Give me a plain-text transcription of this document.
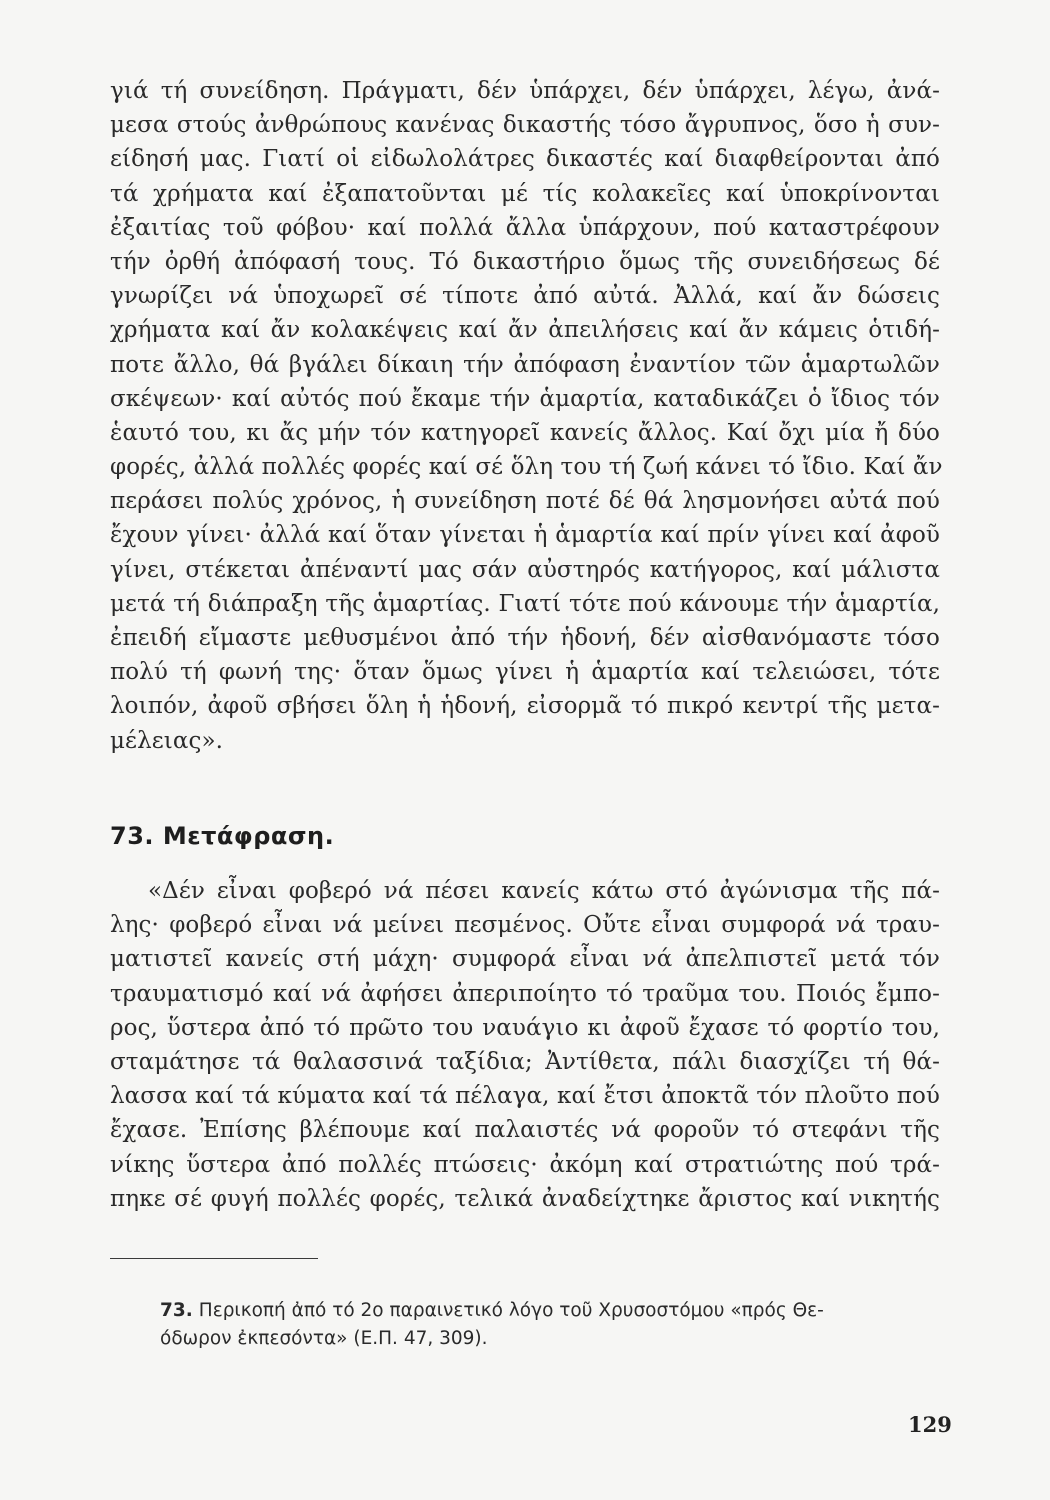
γιά τή συνείδηση. Πράγματι, δέν ὑπάρχει, δέν ὑπάρχει, λέγω, ἀνά-
μεσα στούς ἀνθρώπους κανένας δικαστής τόσο ἄγρυπνος, ὅσο ἡ συν-
είδησή μας. Γιατί οἱ εἰδωλολάτρες δικαστές καί διαφθείρονται ἀπό
τά χρήματα καί ἐξαπατοῦνται μέ τίς κολακεῖες καί ὑποκρίνονται
ἐξαιτίας τοῦ φόβου· καί πολλά ἄλλα ὑπάρχουν, πού καταστρέφουν
τήν ὀρθή ἀπόφασή τους. Τό δικαστήριο ὅμως τῆς συνειδήσεως δέ
γνωρίζει νά ὑποχωρεῖ σέ τίποτε ἀπό αὐτά. Ἀλλά, καί ἄν δώσεις
χρήματα καί ἄν κολακέψεις καί ἄν ἀπειλήσεις καί ἄν κάμεις ὁτιδή-
ποτε ἄλλο, θά βγάλει δίκαιη τήν ἀπόφαση ἐναντίον τῶν ἁμαρτωλῶν
σκέψεων· καί αὐτός πού ἔκαμε τήν ἁμαρτία, καταδικάζει ὁ ἴδιος τόν
ἑαυτό του, κι ἄς μήν τόν κατηγορεῖ κανείς ἄλλος. Καί ὄχι μία ἤ δύο
φορές, ἀλλά πολλές φορές καί σέ ὅλη του τή ζωή κάνει τό ἴδιο. Καί ἄν
περάσει πολύς χρόνος, ἡ συνείδηση ποτέ δέ θά λησμονήσει αὐτά πού
ἔχουν γίνει· ἀλλά καί ὅταν γίνεται ἡ ἁμαρτία καί πρίν γίνει καί ἀφοῦ
γίνει, στέκεται ἀπέναντί μας σάν αὐστηρός κατήγορος, καί μάλιστα
μετά τή διάπραξη τῆς ἁμαρτίας. Γιατί τότε πού κάνουμε τήν ἁμαρτία,
ἐπειδή εἴμαστε μεθυσμένοι ἀπό τήν ἡδονή, δέν αἰσθανόμαστε τόσο
πολύ τή φωνή της· ὅταν ὅμως γίνει ἡ ἁμαρτία καί τελειώσει, τότε
λοιπόν, ἀφοῦ σβήσει ὅλη ἡ ἡδονή, εἰσορμᾶ τό πικρό κεντρί τῆς μετα-
μέλειας».
73. Μετάφραση.
«Δέν εἶναι φοβερό νά πέσει κανείς κάτω στό ἀγώνισμα τῆς πά-
λης· φοβερό εἶναι νά μείνει πεσμένος. Οὔτε εἶναι συμφορά νά τραυ-
ματιστεῖ κανείς στή μάχη· συμφορά εἶναι νά ἀπελπιστεῖ μετά τόν
τραυματισμό καί νά ἀφήσει ἀπεριποίητο τό τραῦμα του. Ποιός ἔμπο-
ρος, ὕστερα ἀπό τό πρῶτο του ναυάγιο κι ἀφοῦ ἔχασε τό φορτίο του,
σταμάτησε τά θαλασσινά ταξίδια; Ἀντίθετα, πάλι διασχίζει τή θά-
λασσα καί τά κύματα καί τά πέλαγα, καί ἔτσι ἀποκτᾶ τόν πλοῦτο πού
ἔχασε. Ἐπίσης βλέπουμε καί παλαιστές νά φοροῦν τό στεφάνι τῆς
νίκης ὕστερα ἀπό πολλές πτώσεις· ἀκόμη καί στρατιώτης πού τρά-
πηκε σέ φυγή πολλές φορές, τελικά ἀναδείχτηκε ἄριστος καί νικητής
73. Περικοπή ἀπό τό 2ο παραινετικό λόγο τοῦ Χρυσοστόμου «πρός Θε-
όδωρον ἐκπεσόντα» (Ε.Π. 47, 309).
129
